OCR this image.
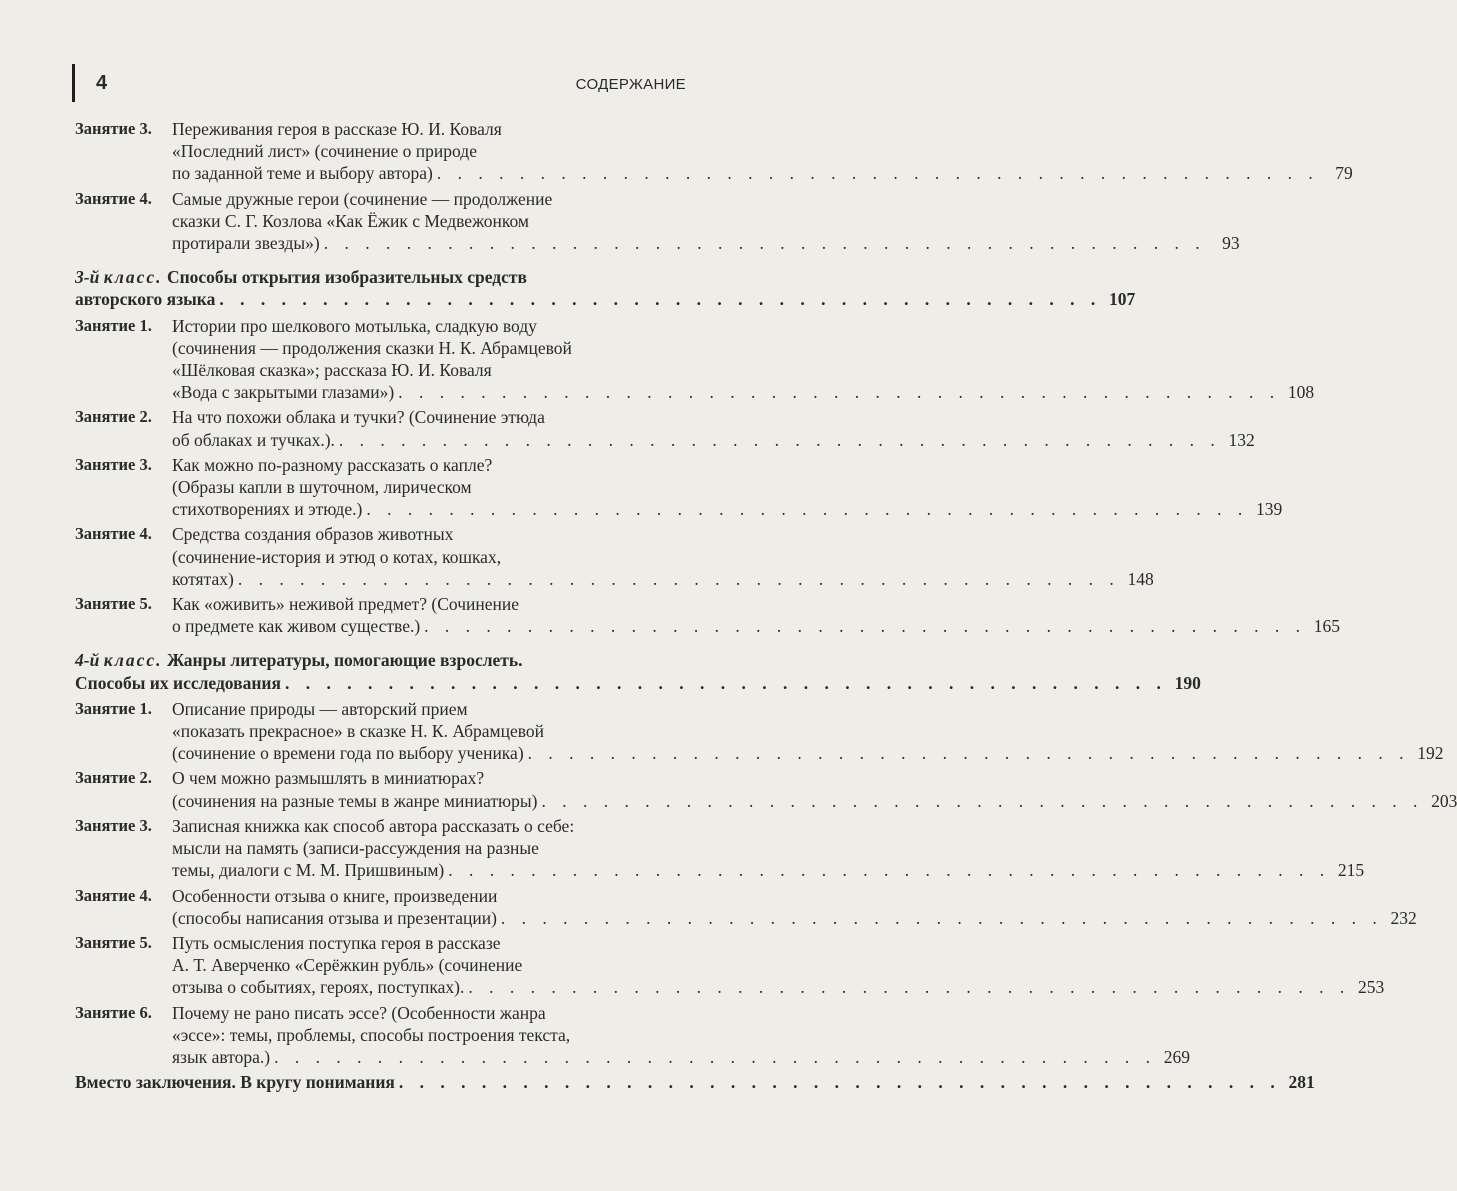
4	СОДЕРЖАНИЕ
Занятие 3.	Переживания героя в рассказе Ю. И. Коваля
«Последний лист» (сочинение о природе
по заданной теме и выбору автора) . . . . . . . . . . . . . . . . . . . . . . . . . . . . . . . . . . . . . . . . . . . 79
Занятие 4.	Самые дружные герои (сочинение — продолжение
сказки С. Г. Козлова «Как Ёжик с Медвежонком
протирали звезды») . . . . . . . . . . . . . . . . . . . . . . . . . . . . . . . . . . . . . . . . . . . 93
3-й класс.
Способы открытия изобразительных средств
авторского языка . . . . . . . . . . . . . . . . . . . . . . . . . . . . . . . . . . . . . . . . . . . 107
Занятие 1.	Истории про шелкового мотылька, сладкую воду
(сочинения — продолжения сказки Н. К. Абрамцевой
«Шёлковая сказка»; рассказа Ю. И. Коваля
«Вода с закрытыми глазами») . . . . . . . . . . . . . . . . . . . . . . . . . . . . . . . . . . . . . . . . . . . 108
Занятие 2.	На что похожи облака и тучки? (Сочинение этюда
об облаках и тучках.). . . . . . . . . . . . . . . . . . . . . . . . . . . . . . . . . . . . . . . . . . . . 132
Занятие 3.	Как можно по-разному рассказать о капле?
(Образы капли в шуточном, лирическом
стихотворениях и этюде.) . . . . . . . . . . . . . . . . . . . . . . . . . . . . . . . . . . . . . . . . . . . 139
Занятие 4.	Средства создания образов животных
(сочинение-история и этюд о котах, кошках,
котятах) . . . . . . . . . . . . . . . . . . . . . . . . . . . . . . . . . . . . . . . . . . . 148
Занятие 5.	Как «оживить» неживой предмет? (Сочинение
о предмете как живом существе.) . . . . . . . . . . . . . . . . . . . . . . . . . . . . . . . . . . . . . . . . . . . 165
4-й класс.
Жанры литературы, помогающие взрослеть.
Способы их исследования . . . . . . . . . . . . . . . . . . . . . . . . . . . . . . . . . . . . . . . . . . . 190
Занятие 1.	Описание природы — авторский прием
«показать прекрасное» в сказке Н. К. Абрамцевой
(сочинение о времени года по выбору ученика) . . . . . . . . . . . . . . . . . . . . . . . . . . . . . . . . . . . . . . . . . . . 192
Занятие 2.	О чем можно размышлять в миниатюрах?
(сочинения на разные темы в жанре миниатюры) . . . . . . . . . . . . . . . . . . . . . . . . . . . . . . . . . . . . . . . . . . . 203
Занятие 3.	Записная книжка как способ автора рассказать о себе:
мысли на память (записи-рассуждения на разные
темы, диалоги с М. М. Пришвиным) . . . . . . . . . . . . . . . . . . . . . . . . . . . . . . . . . . . . . . . . . . . 215
Занятие 4.	Особенности отзыва о книге, произведении
(способы написания отзыва и презентации) . . . . . . . . . . . . . . . . . . . . . . . . . . . . . . . . . . . . . . . . . . . 232
Занятие 5.	Путь осмысления поступка героя в рассказе
А. Т. Аверченко «Серёжкин рубль» (сочинение
отзыва о событиях, героях, поступках). . . . . . . . . . . . . . . . . . . . . . . . . . . . . . . . . . . . . . . . . . . . 253
Занятие 6.	Почему не рано писать эссе? (Особенности жанра
«эссе»: темы, проблемы, способы построения текста,
язык автора.) . . . . . . . . . . . . . . . . . . . . . . . . . . . . . . . . . . . . . . . . . . . 269
Вместо заключения. В кругу понимания . . . . . . . . . . . . . . . . . . . . . . . . . . . . . . . . . . . . . . . . . . . 281
